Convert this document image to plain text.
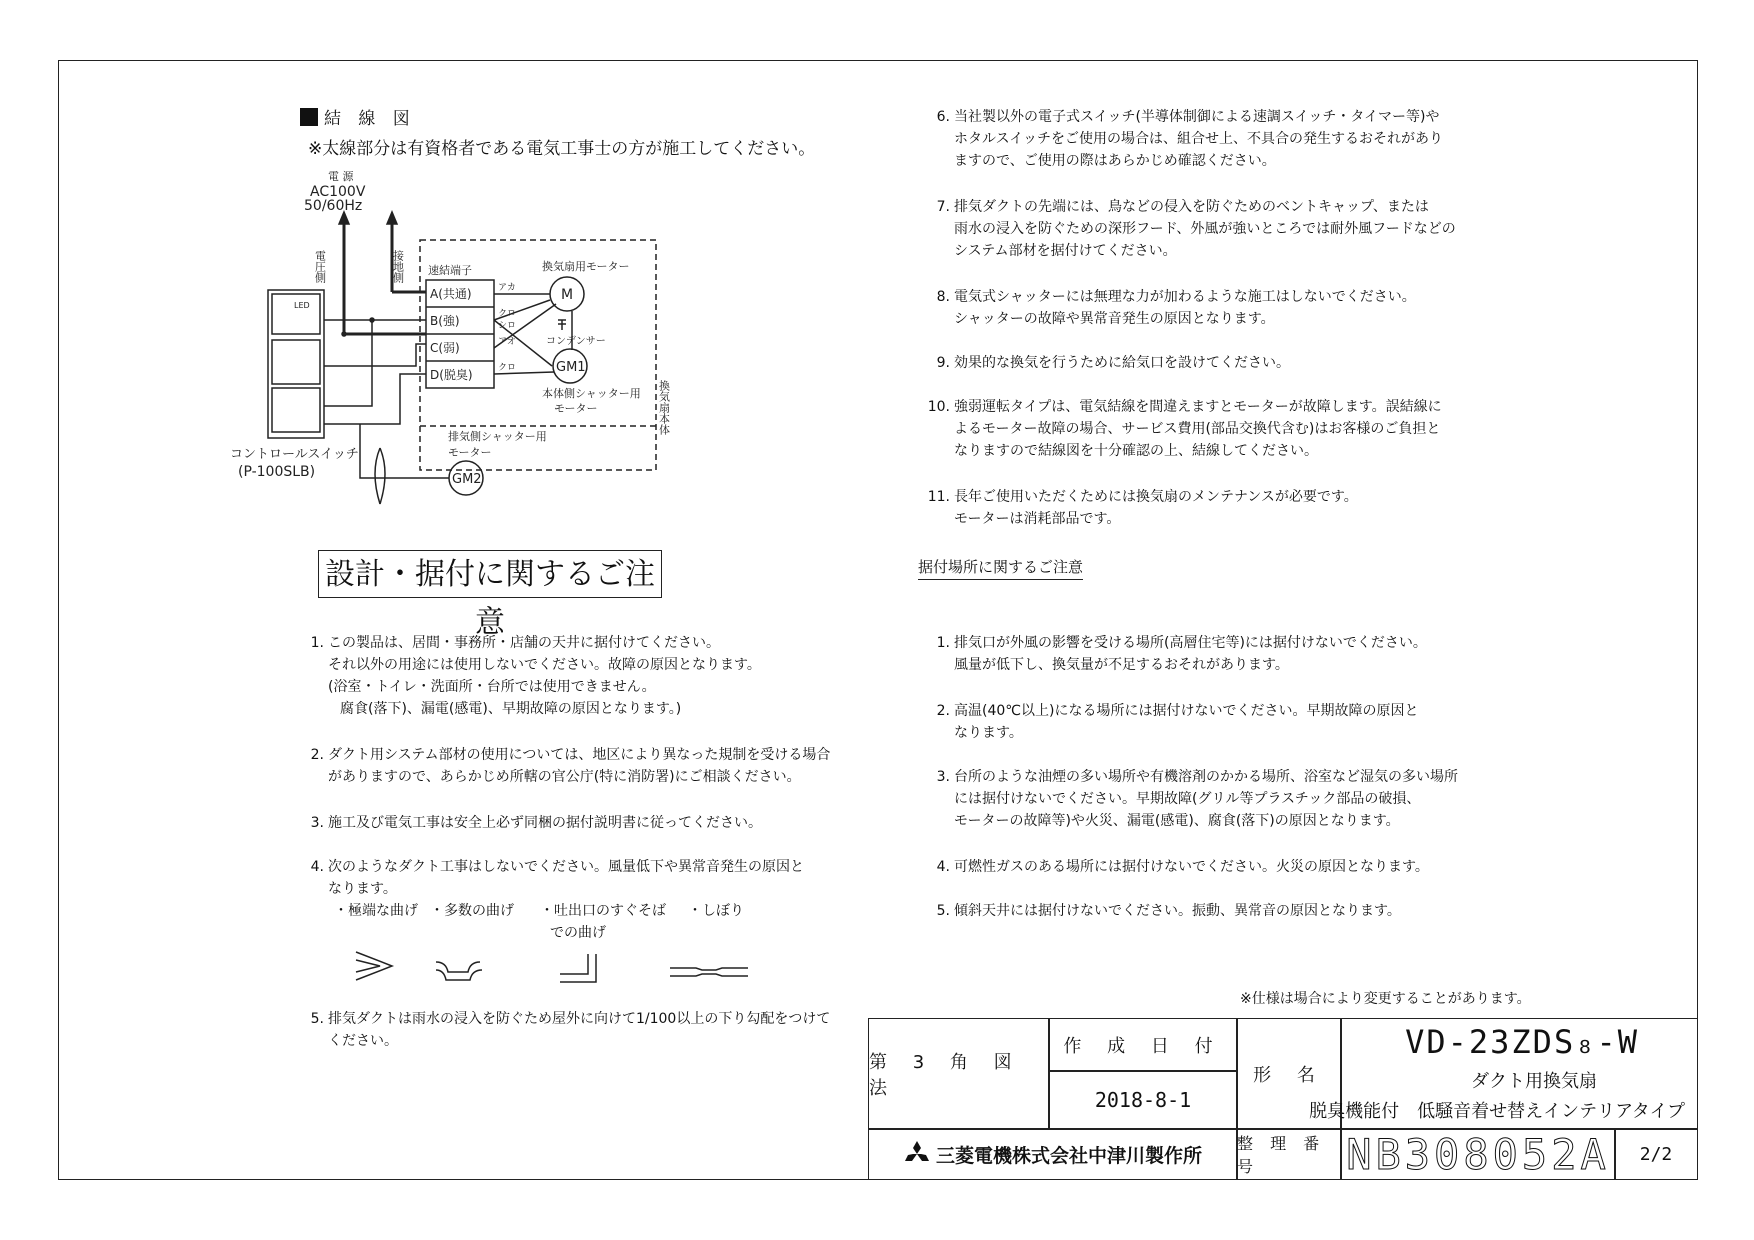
結 線 図
※太線部分は有資格者である電気工事士の方が施工してください。
電 源
AC100V
50/60Hz
電圧側	接地側 速結端子
A(共通)
B(強)
C(弱)
D(脱臭)
アカ
クロ
シロ
アオ
クロ
換気扇用モーター
M
GM1
GM2
コンデンサー
本体側シャッター用
モーター
排気側シャッター用
モーター
換気扇本体
コントロールスイッチ
(P-100SLB)
LED
設計・据付に関するご注意
1. この製品は、居間・事務所・店舗の天井に据付けてください。
それ以外の用途には使用しないでください。故障の原因となります。
(浴室・トイレ・洗面所・台所では使用できません。
腐食(落下)、漏電(感電)、早期故障の原因となります。)
2. ダクト用システム部材の使用については、地区により異なった規制を受ける場合
がありますので、あらかじめ所轄の官公庁(特に消防署)にご相談ください。
3. 施工及び電気工事は安全上必ず同梱の据付説明書に従ってください。
4. 次のようなダクト工事はしないでください。風量低下や異常音発生の原因と
なります。
・極端な曲げ ・多数の曲げ ・吐出口のすぐそば
での曲げ
・しぼり
5. 排気ダクトは雨水の浸入を防ぐため屋外に向けて1/100以上の下り勾配をつけて
ください。
6. 当社製以外の電子式スイッチ(半導体制御による速調スイッチ・タイマー等)や
ホタルスイッチをご使用の場合は、組合せ上、不具合の発生するおそれがあり
ますので、ご使用の際はあらかじめ確認ください。
7. 排気ダクトの先端には、鳥などの侵入を防ぐためのベントキャップ、または
雨水の浸入を防ぐための深形フード、外風が強いところでは耐外風フードなどの
システム部材を据付けてください。
8. 電気式シャッターには無理な力が加わるような施工はしないでください。
シャッターの故障や異常音発生の原因となります。
9. 効果的な換気を行うために給気口を設けてください。
10. 強弱運転タイプは、電気結線を間違えますとモーターが故障します。誤結線に
よるモーター故障の場合、サービス費用(部品交換代含む)はお客様のご負担と
なりますので結線図を十分確認の上、結線してください。
11. 長年ご使用いただくためには換気扇のメンテナンスが必要です。
モーターは消耗部品です。
据付場所に関するご注意
1. 排気口が外風の影響を受ける場所(高層住宅等)には据付けないでください。
風量が低下し、換気量が不足するおそれがあります。
2. 高温(40℃以上)になる場所には据付けないでください。早期故障の原因と
なります。
3. 台所のような油煙の多い場所や有機溶剤のかかる場所、浴室など湿気の多い場所
には据付けないでください。早期故障(グリル等プラスチック部品の破損、
モーターの故障等)や火災、漏電(感電)、腐食(落下)の原因となります。
4. 可燃性ガスのある場所には据付けないでください。火災の原因となります。
5. 傾斜天井には据付けないでください。振動、異常音の原因となります。
※仕様は場合により変更することがあります。
第 3 角 図 法
作 成 日 付
2018-8-1
形 名
VD-23ZDS₈-W
ダクト用換気扇
脱臭機能付　低騒音着せ替えインテリアタイプ
三菱電機株式会社中津川製作所
整 理 番 号	NB308052A 2/2
